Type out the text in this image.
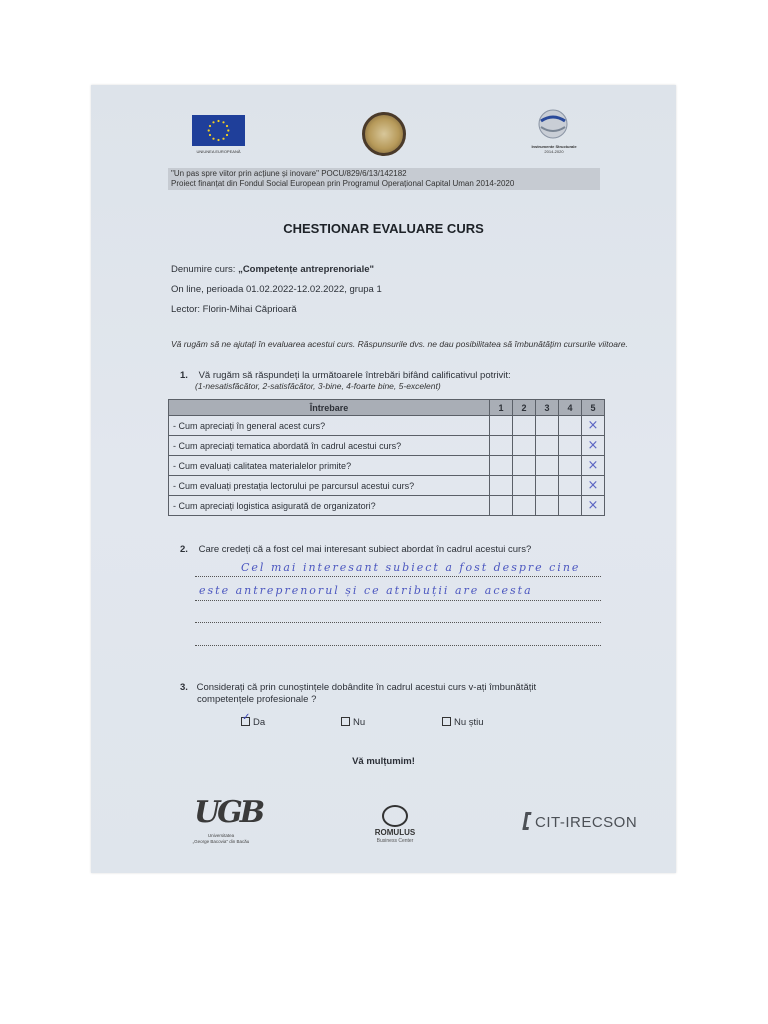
UNIUNEA EUROPEANĂ
Instrumente Structurale
2014-2020
"Un pas spre viitor prin acțiune și inovare" POCU/829/6/13/142182
Proiect finanțat din Fondul Social European prin Programul Operațional Capital Uman 2014-2020
CHESTIONAR EVALUARE CURS
Denumire curs: „Competențe antreprenoriale"
On line, perioada 01.02.2022-12.02.2022, grupa 1
Lector: Florin-Mihai Căprioară
Vă rugăm să ne ajutați în evaluarea acestui curs. Răspunsurile dvs. ne dau posibilitatea să îmbunătățim cursurile viitoare.
1. Vă rugăm să răspundeți la următoarele întrebări bifând calificativul potrivit:
(1-nesatisfăcător, 2-satisfăcător, 3-bine, 4-foarte bine, 5-excelent)
Întrebare	1	2	3	4	5
- Cum apreciați în general acest curs?					×
- Cum apreciați tematica abordată în cadrul acestui curs?					×
- Cum evaluați calitatea materialelor primite?					×
- Cum evaluați prestația lectorului pe parcursul acestui curs?					×
- Cum apreciați logistica asigurată de organizatori?					×
2. Care credeți că a fost cel mai interesant subiect abordat în cadrul acestui curs?
Cel mai interesant subiect a fost despre cine
este antreprenorul și ce atribuții are acesta
3. Considerați că prin cunoștințele dobândite în cadrul acestui curs v-ați îmbunătățit
competențele profesionale ?
✓ Da	Nu	Nu știu
Vă mulțumim!
UGB
Universitatea
„George Bacovia" din Bacău
ROMULUS
Business Center
CIT-IRECSON
